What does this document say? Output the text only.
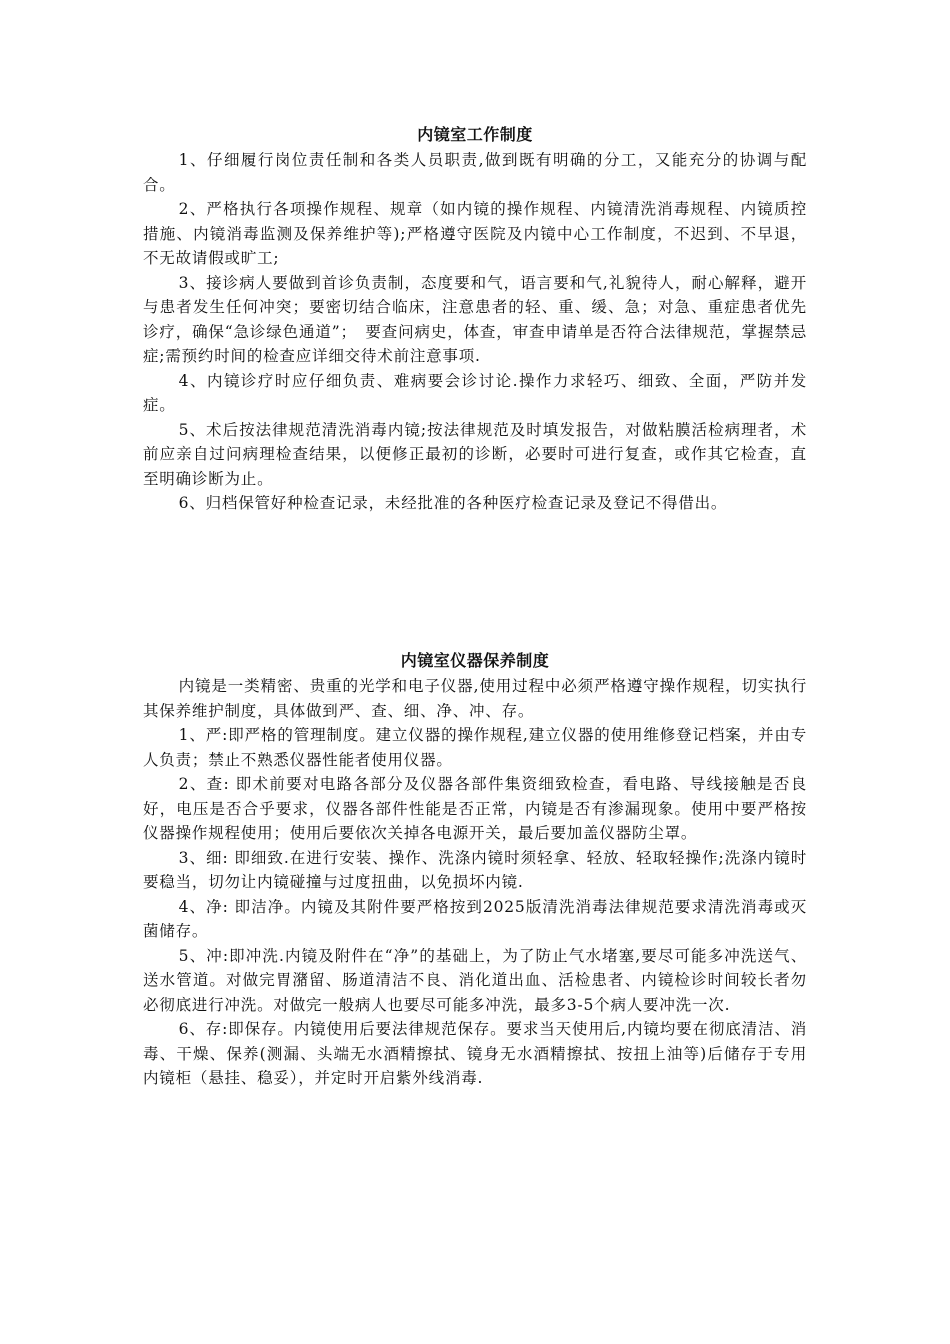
内镜室工作制度

1、仔细履行岗位责任制和各类人员职责,做到既有明确的分工，又能充分的协调与配合。

2、严格执行各项操作规程、规章（如内镜的操作规程、内镜清洗消毒规程、内镜质控措施、内镜消毒监测及保养维护等);严格遵守医院及内镜中心工作制度，不迟到、不早退，不无故请假或旷工;

3、接诊病人要做到首诊负责制，态度要和气，语言要和气,礼貌待人，耐心解释，避开与患者发生任何冲突；要密切结合临床，注意患者的轻、重、缓、急；对急、重症患者优先诊疗，确保“急诊绿色通道”；　要查问病史，体查，审查申请单是否符合法律规范，掌握禁忌症;需预约时间的检查应详细交待术前注意事项.

4、内镜诊疗时应仔细负责、难病要会诊讨论.操作力求轻巧、细致、全面，严防并发症。

5、术后按法律规范清洗消毒内镜;按法律规范及时填发报告，对做粘膜活检病理者，术前应亲自过问病理检查结果，以便修正最初的诊断，必要时可进行复查，或作其它检查，直至明确诊断为止。

6、归档保管好种检查记录，未经批准的各种医疗检查记录及登记不得借出。

内镜室仪器保养制度

内镜是一类精密、贵重的光学和电子仪器,使用过程中必须严格遵守操作规程，切实执行其保养维护制度，具体做到严、查、细、净、冲、存。

1、严:即严格的管理制度。建立仪器的操作规程,建立仪器的使用维修登记档案，并由专人负责；禁止不熟悉仪器性能者使用仪器。

2、查: 即术前要对电路各部分及仪器各部件集资细致检查，看电路、导线接触是否良好，电压是否合乎要求，仪器各部件性能是否正常，内镜是否有渗漏现象。使用中要严格按仪器操作规程使用；使用后要依次关掉各电源开关，最后要加盖仪器防尘罩。

3、细: 即细致.在进行安装、操作、洗涤内镜时须轻拿、轻放、轻取轻操作;洗涤内镜时要稳当，切勿让内镜碰撞与过度扭曲，以免损坏内镜.

4、净: 即洁净。内镜及其附件要严格按到2025版清洗消毒法律规范要求清洗消毒或灭菌储存。

5、冲:即冲洗.内镜及附件在“净”的基础上，为了防止气水堵塞,要尽可能多冲洗送气、送水管道。对做完胃潴留、肠道清洁不良、消化道出血、活检患者、内镜检诊时间较长者勿必彻底进行冲洗。对做完一般病人也要尽可能多冲洗，最多3-5个病人要冲洗一次.

6、存:即保存。内镜使用后要法律规范保存。要求当天使用后,内镜均要在彻底清洁、消毒、干燥、保养(测漏、头端无水酒精擦拭、镜身无水酒精擦拭、按扭上油等)后储存于专用内镜柜（悬挂、稳妥），并定时开启紫外线消毒.
